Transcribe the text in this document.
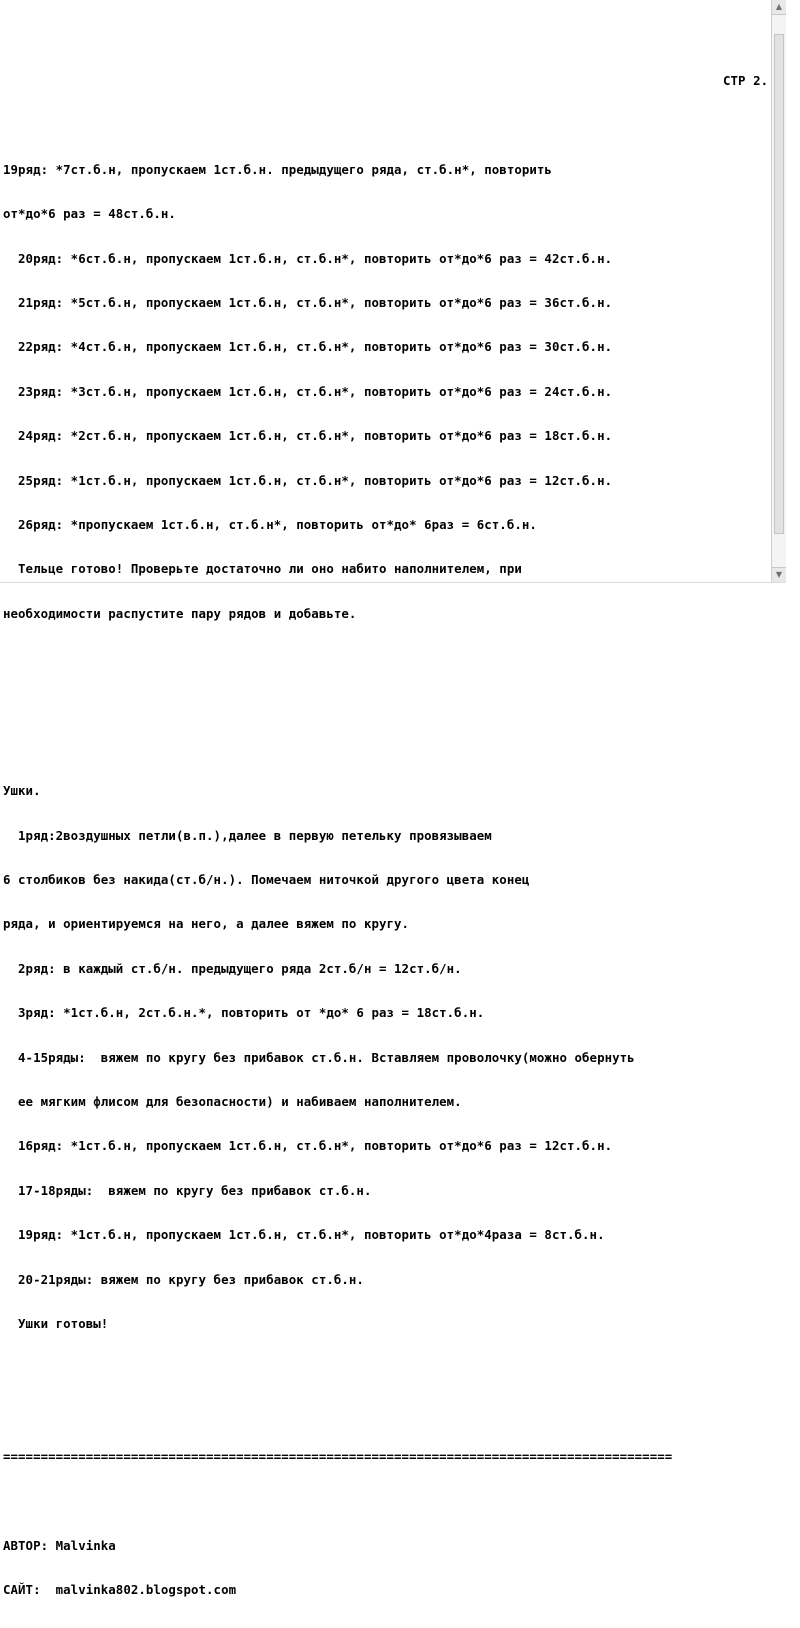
СТР 2.

19ряд: *7ст.б.н, пропускаем 1ст.б.н. предыдущего ряда, ст.б.н*, повторить

от*до*6 раз = 48ст.б.н.

20ряд: *6ст.б.н, пропускаем 1ст.б.н, ст.б.н*, повторить от*до*6 раз = 42ст.б.н.

21ряд: *5ст.б.н, пропускаем 1ст.б.н, ст.б.н*, повторить от*до*6 раз = 36ст.б.н.

22ряд: *4ст.б.н, пропускаем 1ст.б.н, ст.б.н*, повторить от*до*6 раз = 30ст.б.н.

23ряд: *3ст.б.н, пропускаем 1ст.б.н, ст.б.н*, повторить от*до*6 раз = 24ст.б.н.

24ряд: *2ст.б.н, пропускаем 1ст.б.н, ст.б.н*, повторить от*до*6 раз = 18ст.б.н.

25ряд: *1ст.б.н, пропускаем 1ст.б.н, ст.б.н*, повторить от*до*6 раз = 12ст.б.н.

26ряд: *пропускаем 1ст.б.н, ст.б.н*, повторить от*до* 6раз = 6ст.б.н.

Тельце готово! Проверьте достаточно ли оно набито наполнителем, при

необходимости распустите пару рядов и добавьте.

Ушки.

1ряд:2воздушных петли(в.п.),далее в первую петельку провязываем

6 столбиков без накида(ст.б/н.). Помечаем ниточкой другого цвета конец

ряда, и ориентируемся на него, а далее вяжем по кругу.

2ряд: в каждый ст.б/н. предыдущего ряда 2ст.б/н = 12ст.б/н.

3ряд: *1ст.б.н, 2ст.б.н.*, повторить от *до* 6 раз = 18ст.б.н.

4-15ряды:  вяжем по кругу без прибавок ст.б.н. Вставляем проволочку(можно обернуть

ее мягким флисом для безопасности) и набиваем наполнителем.

16ряд: *1ст.б.н, пропускаем 1ст.б.н, ст.б.н*, повторить от*до*6 раз = 12ст.б.н.

17-18ряды:  вяжем по кругу без прибавок ст.б.н.

19ряд: *1ст.б.н, пропускаем 1ст.б.н, ст.б.н*, повторить от*до*4раза = 8ст.б.н.

20-21ряды: вяжем по кругу без прибавок ст.б.н.

Ушки готовы!

=========================================================================================

АВТОР: Malvinka

САЙТ:  malvinka802.blogspot.com

▲
▼
